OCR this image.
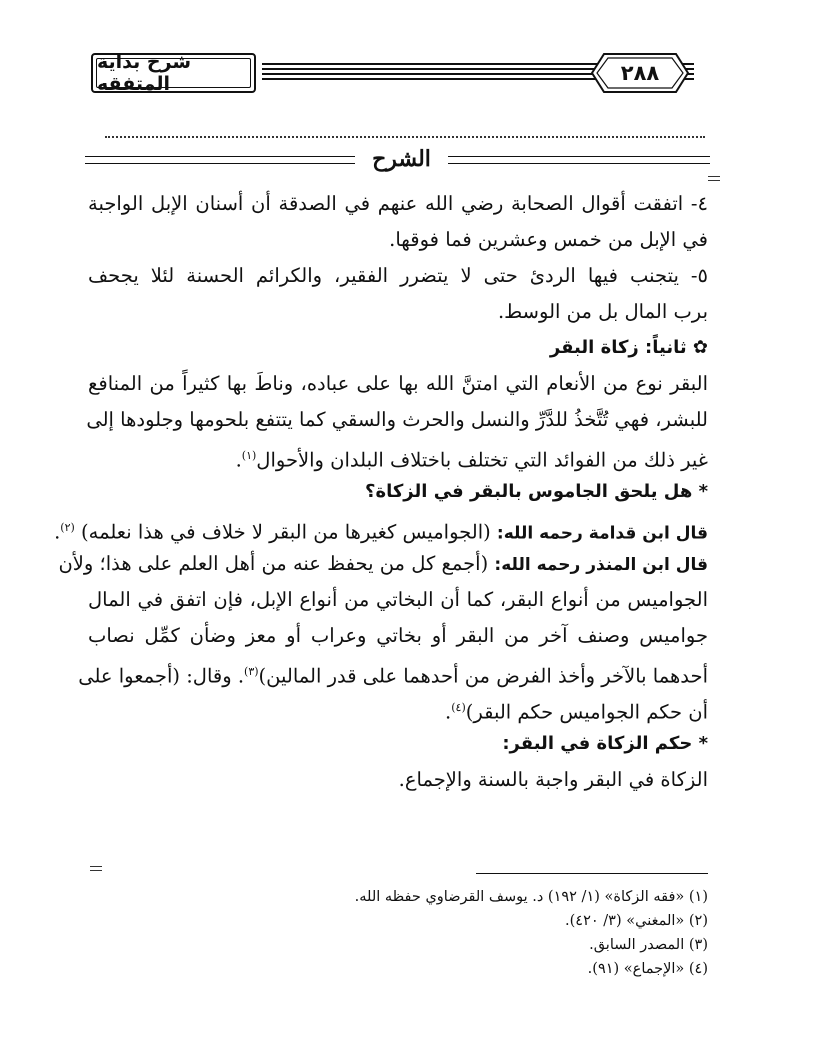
شرح بداية المتفقه	٢٨٨
الشرح
٤- اتفقت أقوال الصحابة رضي الله عنهم في الصدقة أن أسنان الإبل الواجبة
في الإبل من خمس وعشرين فما فوقها.
٥- يتجنب فيها الردئ حتى لا يتضرر الفقير، والكرائم الحسنة لئلا يجحف
برب المال بل من الوسط.
✿ ثانياً: زكاة البقر
البقر نوع من الأنعام التي امتنَّ الله بها على عباده، وناطَ بها كثيراً من المنافع
للبشر، فهي تُتَّخذُ للدَّرِّ والنسل والحرث والسقي كما يتتفع بلحومها وجلودها إلى
غير ذلك من الفوائد التي تختلف باختلاف البلدان والأحوال$^{(١)}$.
* هل يلحق الجاموس بالبقر في الزكاة؟
قال ابن قدامة رحمه الله: (الجواميس كغيرها من البقر لا خلاف في هذا نعلمه) $^{(٢)}$.
قال ابن المنذر رحمه الله: (أجمع كل من يحفظ عنه من أهل العلم على هذا؛ ولأن
الجواميس من أنواع البقر، كما أن البخاتي من أنواع الإبل، فإن اتفق في المال
جواميس وصنف آخر من البقر أو بخاتي وعراب أو معز وضأن كمِّل نصاب
أحدهما بالآخر وأخذ الفرض من أحدهما على قدر المالين)$^{(٣)}$. وقال: (أجمعوا على
أن حكم الجواميس حكم البقر)$^{(٤)}$.
* حكم الزكاة في البقر:
الزكاة في البقر واجبة بالسنة والإجماع.
(١) «فقه الزكاة» (١/ ١٩٢) د. يوسف القرضاوي حفظه الله.
(٢) «المغني» (٣/ ٤٢٠).
(٣) المصدر السابق.
(٤) «الإجماع» (٩١).
